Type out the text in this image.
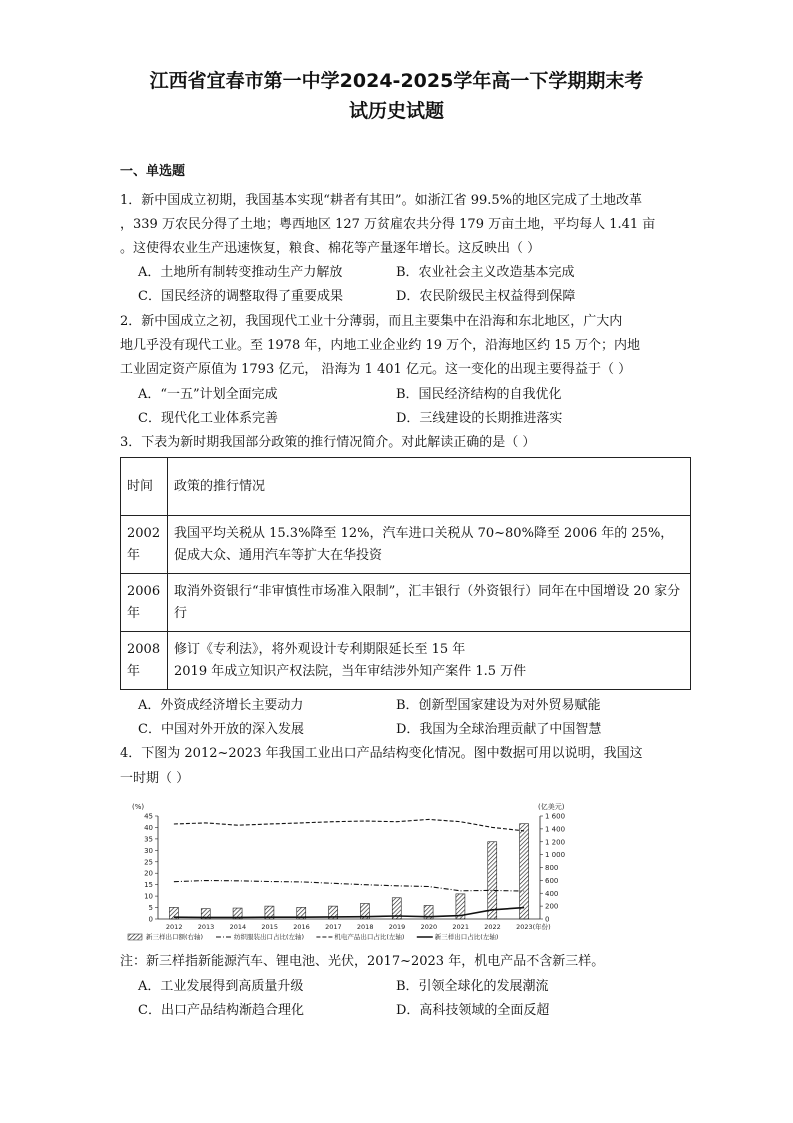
江西省宜春市第一中学2024-2025学年高一下学期期末考
试历史试题
一、单选题
1．新中国成立初期，我国基本实现“耕者有其田”。如浙江省 99.5%的地区完成了土地改革
，339 万农民分得了土地；粤西地区 127 万贫雇农共分得 179 万亩土地，平均每人 1.41 亩
。这使得农业生产迅速恢复，粮食、棉花等产量逐年增长。这反映出（ ）
A．土地所有制转变推动生产力解放	B．农业社会主义改造基本完成
C．国民经济的调整取得了重要成果	D．农民阶级民主权益得到保障
2．新中国成立之初，我国现代工业十分薄弱，而且主要集中在沿海和东北地区，广大内
地几乎没有现代工业。至 1978 年，内地工业企业约 19 万个，沿海地区约 15 万个；内地
工业固定资产原值为 1793 亿元， 沿海为 1 401 亿元。这一变化的出现主要得益于（ ）
A．“一五”计划全面完成	B．国民经济结构的自我优化
C．现代化工业体系完善	D．三线建设的长期推进落实
3．下表为新时期我国部分政策的推行情况简介。对此解读正确的是（ ）
时间	政策的推行情况
2002年	我国平均关税从 15.3%降至 12%，汽车进口关税从 70~80%降至 2006 年的 25%，促成大众、通用汽车等扩大在华投资
2006年	取消外资银行“非审慎性市场准入限制”，汇丰银行（外资银行）同年在中国增设 20 家分行
2008年	修订《专利法》，将外观设计专利期限延长至 15 年
2019 年成立知识产权法院，当年审结涉外知产案件 1.5 万件
A．外资成经济增长主要动力	B．创新型国家建设为对外贸易赋能
C．中国对外开放的深入发展	D．我国为全球治理贡献了中国智慧
4．下图为 2012~2023 年我国工业出口产品结构变化情况。图中数据可用以说明，我国这
一时期（ ）
(%)	(亿美元)
0
5
10
15
20
25
30
35
40
45
0
200
400
600
800
1 000
1 200
1 400
1 600
2012 2013 2014 2015 2016 2017 2018 2019 2020 2021 2022 2023(年份)
新三样出口额(右轴)	纺织服装出口占比(左轴)	机电产品出口占比(左轴)	新三样出口占比(左轴)
注：新三样指新能源汽车、锂电池、光伏，2017~2023 年，机电产品不含新三样。
A．工业发展得到高质量升级	B．引领全球化的发展潮流
C．出口产品结构渐趋合理化	D．高科技领域的全面反超
